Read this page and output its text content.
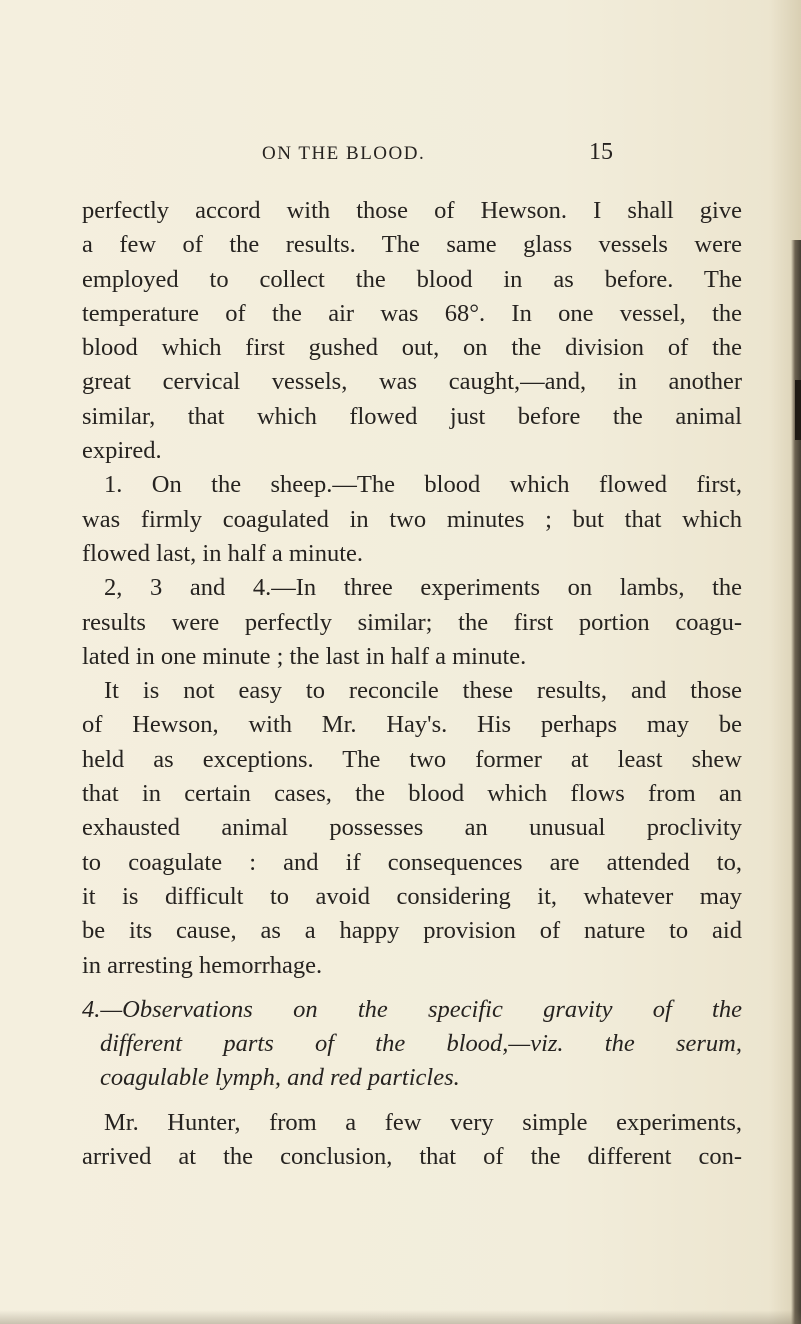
ON THE BLOOD.	15
perfectly accord with those of Hewson. I shall give
a few of the results. The same glass vessels were
employed to collect the blood in as before. The
temperature of the air was 68°. In one vessel, the
blood which first gushed out, on the division of the
great cervical vessels, was caught,—and, in another
similar, that which flowed just before the animal
expired.
1. On the sheep.—The blood which flowed first,
was firmly coagulated in two minutes ; but that which
flowed last, in half a minute.
2, 3 and 4.—In three experiments on lambs, the
results were perfectly similar; the first portion coagu-
lated in one minute ; the last in half a minute.
It is not easy to reconcile these results, and those
of Hewson, with Mr. Hay's. His perhaps may be
held as exceptions. The two former at least shew
that in certain cases, the blood which flows from an
exhausted animal possesses an unusual proclivity
to coagulate : and if consequences are attended to,
it is difficult to avoid considering it, whatever may
be its cause, as a happy provision of nature to aid
in arresting hemorrhage.
4.—Observations on the specific gravity of the
different parts of the blood,—viz. the serum,
coagulable lymph, and red particles.
Mr. Hunter, from a few very simple experiments,
arrived at the conclusion, that of the different con-
